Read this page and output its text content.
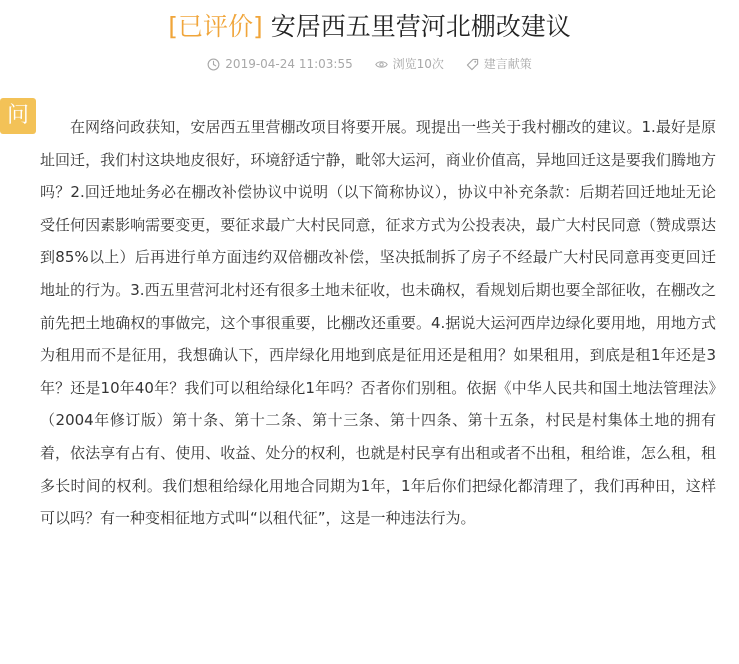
[已评价] 安居西五里营河北棚改建议
2019-04-24 11:03:55
	浏览10次
	建言献策
问	在网络问政获知，安居西五里营棚改项目将要开展。现提出一些关于我村棚改的建议。1.最好是原址回迁，我们村这块地皮很好，环境舒适宁静，毗邻大运河，商业价值高，异地回迁这是要我们腾地方吗？2.回迁地址务必在棚改补偿协议中说明（以下简称协议），协议中补充条款：后期若回迁地址无论受任何因素影响需要变更，要征求最广大村民同意，征求方式为公投表决，最广大村民同意（赞成票达到85%以上）后再进行单方面违约双倍棚改补偿，坚决抵制拆了房子不经最广大村民同意再变更回迁地址的行为。3.西五里营河北村还有很多土地未征收，也未确权，看规划后期也要全部征收，在棚改之前先把土地确权的事做完，这个事很重要，比棚改还重要。4.据说大运河西岸边绿化要用地，用地方式为租用而不是征用，我想确认下，西岸绿化用地到底是征用还是租用？如果租用，到底是租1年还是3年？还是10年40年？我们可以租给绿化1年吗？否者你们别租。依据《中华人民共和国土地法管理法》（2004年修订版）第十条、第十二条、第十三条、第十四条、第十五条，村民是村集体土地的拥有着，依法享有占有、使用、收益、处分的权利，也就是村民享有出租或者不出租，租给谁，怎么租，租多长时间的权利。我们想租给绿化用地合同期为1年，1年后你们把绿化都清理了，我们再种田，这样可以吗？有一种变相征地方式叫“以租代征”，这是一种违法行为。
